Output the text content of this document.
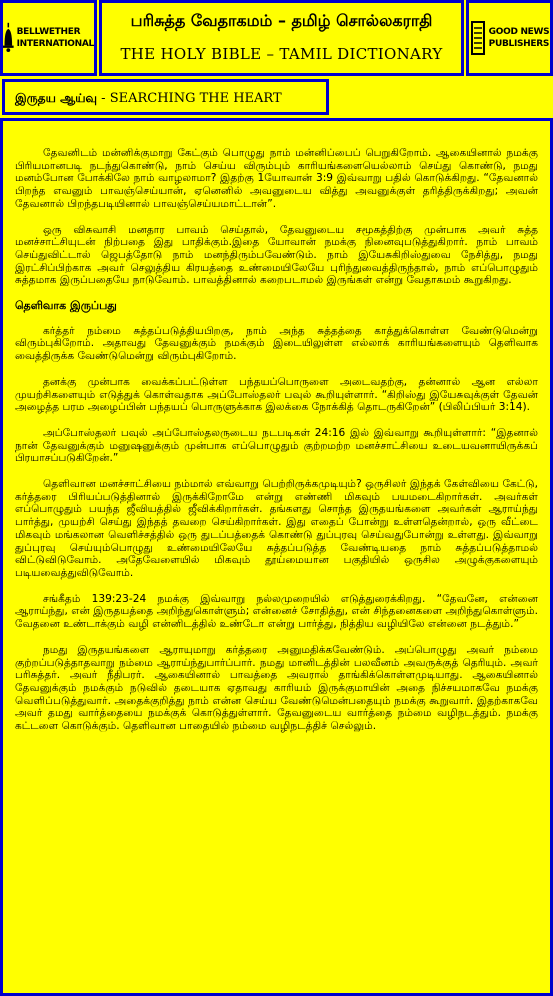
BELLWETHER
INTERNATIONAL
பரிசுத்த வேதாகமம் – தமிழ் சொல்லகராதி
THE HOLY BIBLE – TAMIL DICTIONARY
GOOD NEWS
PUBLISHERS
இருதய ஆய்வு - SEARCHING THE HEART

தேவனிடம் மன்னிக்குமாறு கேட்கும் பொழுது நாம் மன்னிப்பைப் பெறுகிறோம். ஆகையினால் நமக்கு பிரியமானபடி நடந்துகொண்டு, நாம் செய்ய விரும்பும் காரியங்களையெல்லாம் செய்து கொண்டு, நமது மனம்போன போக்கிலே நாம் வாழலாமா? இதற்கு 1யோவான் 3:9 இவ்வாறு பதில் கொடுக்கிறது. “தேவனால் பிறந்த எவனும் பாவஞ்செய்யான், ஏனெனில் அவனுடைய வித்து அவனுக்குள் தரித்திருக்கிறது; அவன் தேவனால் பிறந்தபடியினால் பாவஞ்செய்யமாட்டான்”.

ஒரு விசுவாசி மனதார பாவம் செய்தால், தேவனுடைய சமூகத்திற்கு முன்பாக அவர் சுத்த மனச்சாட்சியுடன் நிற்பதை இது பாதிக்கும்.இதை யோவான் நமக்கு நினைவுபடுத்துகிறார். நாம் பாவம் செய்துவிட்டால் ஜெபத்தோடு நாம் மனந்திரும்பவேண்டும். நாம் இயேசுகிறிஸ்துவை நேசித்து, நமது இரட்சிப்பிற்காக அவர் செலுத்திய கிரயத்தை உண்மையிலேயே புரிந்துவைத்திருந்தால், நாம் எப்பொழுதும் சுத்தமாக இருப்பதையே நாடுவோம். பாவத்தினால் கறைபடாமல் இருங்கள் என்று வேதாகமம் கூறுகிறது.

தெளிவாக இருப்பது

கர்த்தர் நம்மை சுத்தப்படுத்தியபிறகு, நாம் அந்த சுத்தத்தை காத்துக்கொள்ள வேண்டுமென்று விரும்புகிறோம். அதாவது தேவனுக்கும் நமக்கும் இடையிலுள்ள எல்லாக் காரியங்களையும் தெளிவாக வைத்திருக்க வேண்டுமென்று விரும்புகிறோம்.

தனக்கு முன்பாக வைக்கப்பட்டுள்ள பந்தயப்பொருளை அடைவதற்கு, தன்னால் ஆன எல்லா முயற்சிகளையும் எடுத்துக் கொள்வதாக அப்போஸ்தலர் பவுல் கூறியுள்ளார். “கிறிஸ்து இயேசுவுக்குள் தேவன் அழைத்த பரம அழைப்பின் பந்தயப் பொருளுக்காக இலக்கை நோக்கித் தொடருகிறேன்” (பிலிப்பியர் 3:14).

அப்போஸ்தலர் பவுல் அப்போஸ்தலருடைய நடபடிகள் 24:16 இல் இவ்வாறு கூறியுள்ளார்: “இதனால் நான் தேவனுக்கும் மனுஷனுக்கும் முன்பாக எப்பொழுதும் குற்றமற்ற மனச்சாட்சியை உடையவனாயிருக்கப் பிரயாசப்படுகிறேன்.”

தெளிவான மனச்சாட்சியை நம்மால் எவ்வாறு பெற்றிருக்கமுடியும்? ஒருசிலர் இந்தக் கேள்வியை கேட்டு, கர்த்தரை பிரியப்படுத்தினால் இருக்கிறோமே என்று எண்ணி மிகவும் பயமடைகிறார்கள். அவர்கள் எப்பொழுதும் பயந்த ஜீவியத்தில் ஜீவிக்கிறார்கள். தங்களது சொந்த இருதயங்களை அவர்கள் ஆராய்ந்து பார்த்து, முயற்சி செய்து இந்தத் தவறை செய்கிறார்கள். இது எதைப் போன்று உள்ளதென்றால், ஒரு வீட்டை மிகவும் மங்கலான வெளிச்சத்தில் ஒரு துடப்பத்தைக் கொண்டு துப்புரவு செய்வதுபோன்று உள்ளது. இவ்வாறு துப்புரவு செய்யும்பொழுது உண்மையிலேயே சுத்தப்படுத்த வேண்டியதை நாம் சுத்தப்படுத்தாமல் விட்டுவிடுவோம். அதேவேளையில் மிகவும் தூய்மையான பகுதியில் ஒருசில அழுக்குகளையும் படியவைத்துவிடுவோம்.

சங்கீதம் 139:23-24 நமக்கு இவ்வாறு நல்லமுறையில் எடுத்துரைக்கிறது. “தேவனே, என்னை ஆராய்ந்து, என் இருதயத்தை அறிந்துகொள்ளும்; என்னைச் சோதித்து, என் சிந்தனைகளை அறிந்துகொள்ளும். வேதனை உண்டாக்கும் வழி என்னிடத்தில் உண்டோ என்று பார்த்து, நித்திய வழியிலே என்னை நடத்தும்.”

நமது இருதயங்களை ஆராயுமாறு கர்த்தரை அனுமதிக்கவேண்டும். அப்பொழுது அவர் நம்மை குற்றப்படுத்தாதவாறு நம்மை ஆராய்ந்துபார்ப்பார். நமது மானிடத்தின் பலவீனம் அவருக்குத் தெரியும். அவர் பரிசுத்தர். அவர் நீதிபரர். ஆகையினால் பாவத்தை அவரால் தாங்கிக்கொள்ளமுடியாது. ஆகையினால் தேவனுக்கும் நமக்கும் நடுவில் தடையாக ஏதாவது காரியம் இருக்குமாயின் அதை நிச்சயமாகவே நமக்கு வெளிப்படுத்துவார். அதைக்குறித்து நாம் என்ன செய்ய வேண்டுமென்பதையும் நமக்கு கூறுவார். இதற்காகவே அவர் தமது வார்த்தையை நமக்குக் கொடுத்துள்ளார். தேவனுடைய வார்த்தை நம்மை வழிநடத்தும். நமக்கு கட்டளை கொடுக்கும். தெளிவான பாதையில் நம்மை வழிநடத்திச் செல்லும்.
